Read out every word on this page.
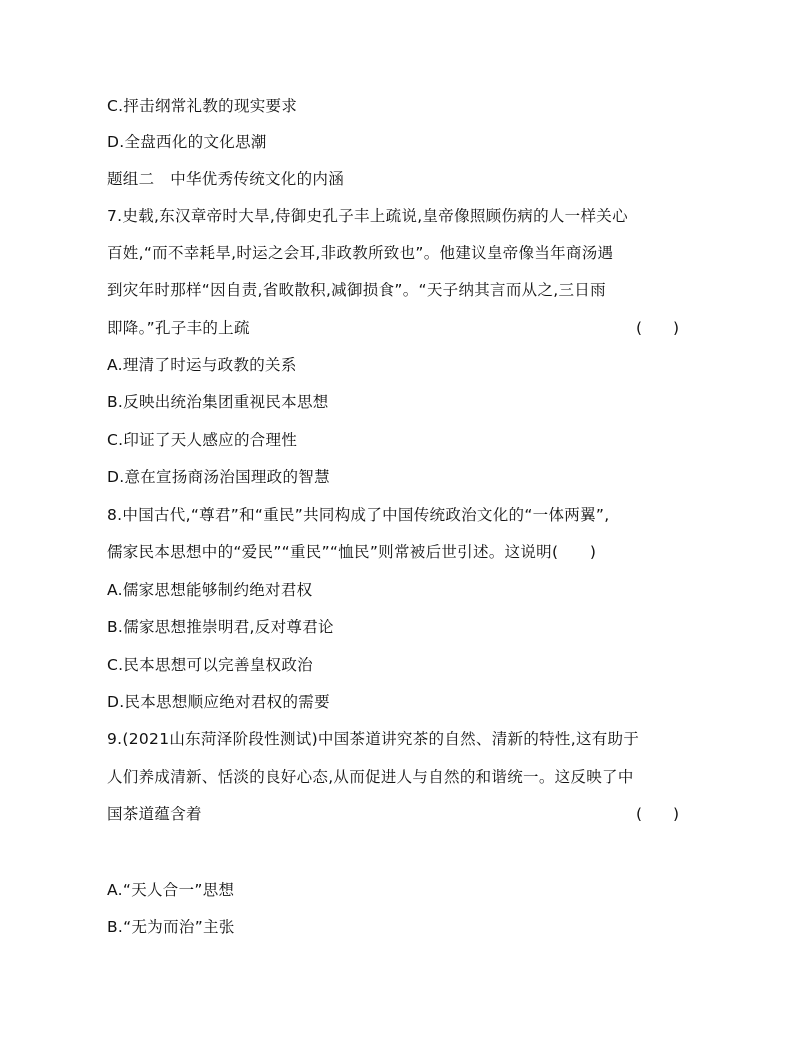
C.抨击纲常礼教的现实要求
D.全盘西化的文化思潮
题组二　中华优秀传统文化的内涵
7.史载,东汉章帝时大旱,侍御史孔子丰上疏说,皇帝像照顾伤病的人一样关心
百姓,“而不幸耗旱,时运之会耳,非政教所致也”。他建议皇帝像当年商汤遇
到灾年时那样“因自责,省畋散积,减御损食”。“天子纳其言而从之,三日雨
即降。”孔子丰的上疏	(　　)
A.理清了时运与政教的关系
B.反映出统治集团重视民本思想
C.印证了天人感应的合理性
D.意在宣扬商汤治国理政的智慧
8.中国古代,“尊君”和“重民”共同构成了中国传统政治文化的“一体两翼”,
儒家民本思想中的“爱民”“重民”“恤民”则常被后世引述。这说明(　　)
A.儒家思想能够制约绝对君权
B.儒家思想推崇明君,反对尊君论
C.民本思想可以完善皇权政治
D.民本思想顺应绝对君权的需要
9.(2021山东菏泽阶段性测试)中国茶道讲究茶的自然、清新的特性,这有助于
人们养成清新、恬淡的良好心态,从而促进人与自然的和谐统一。这反映了中
国茶道蕴含着	(　　)
A.“天人合一”思想
B.“无为而治”主张
